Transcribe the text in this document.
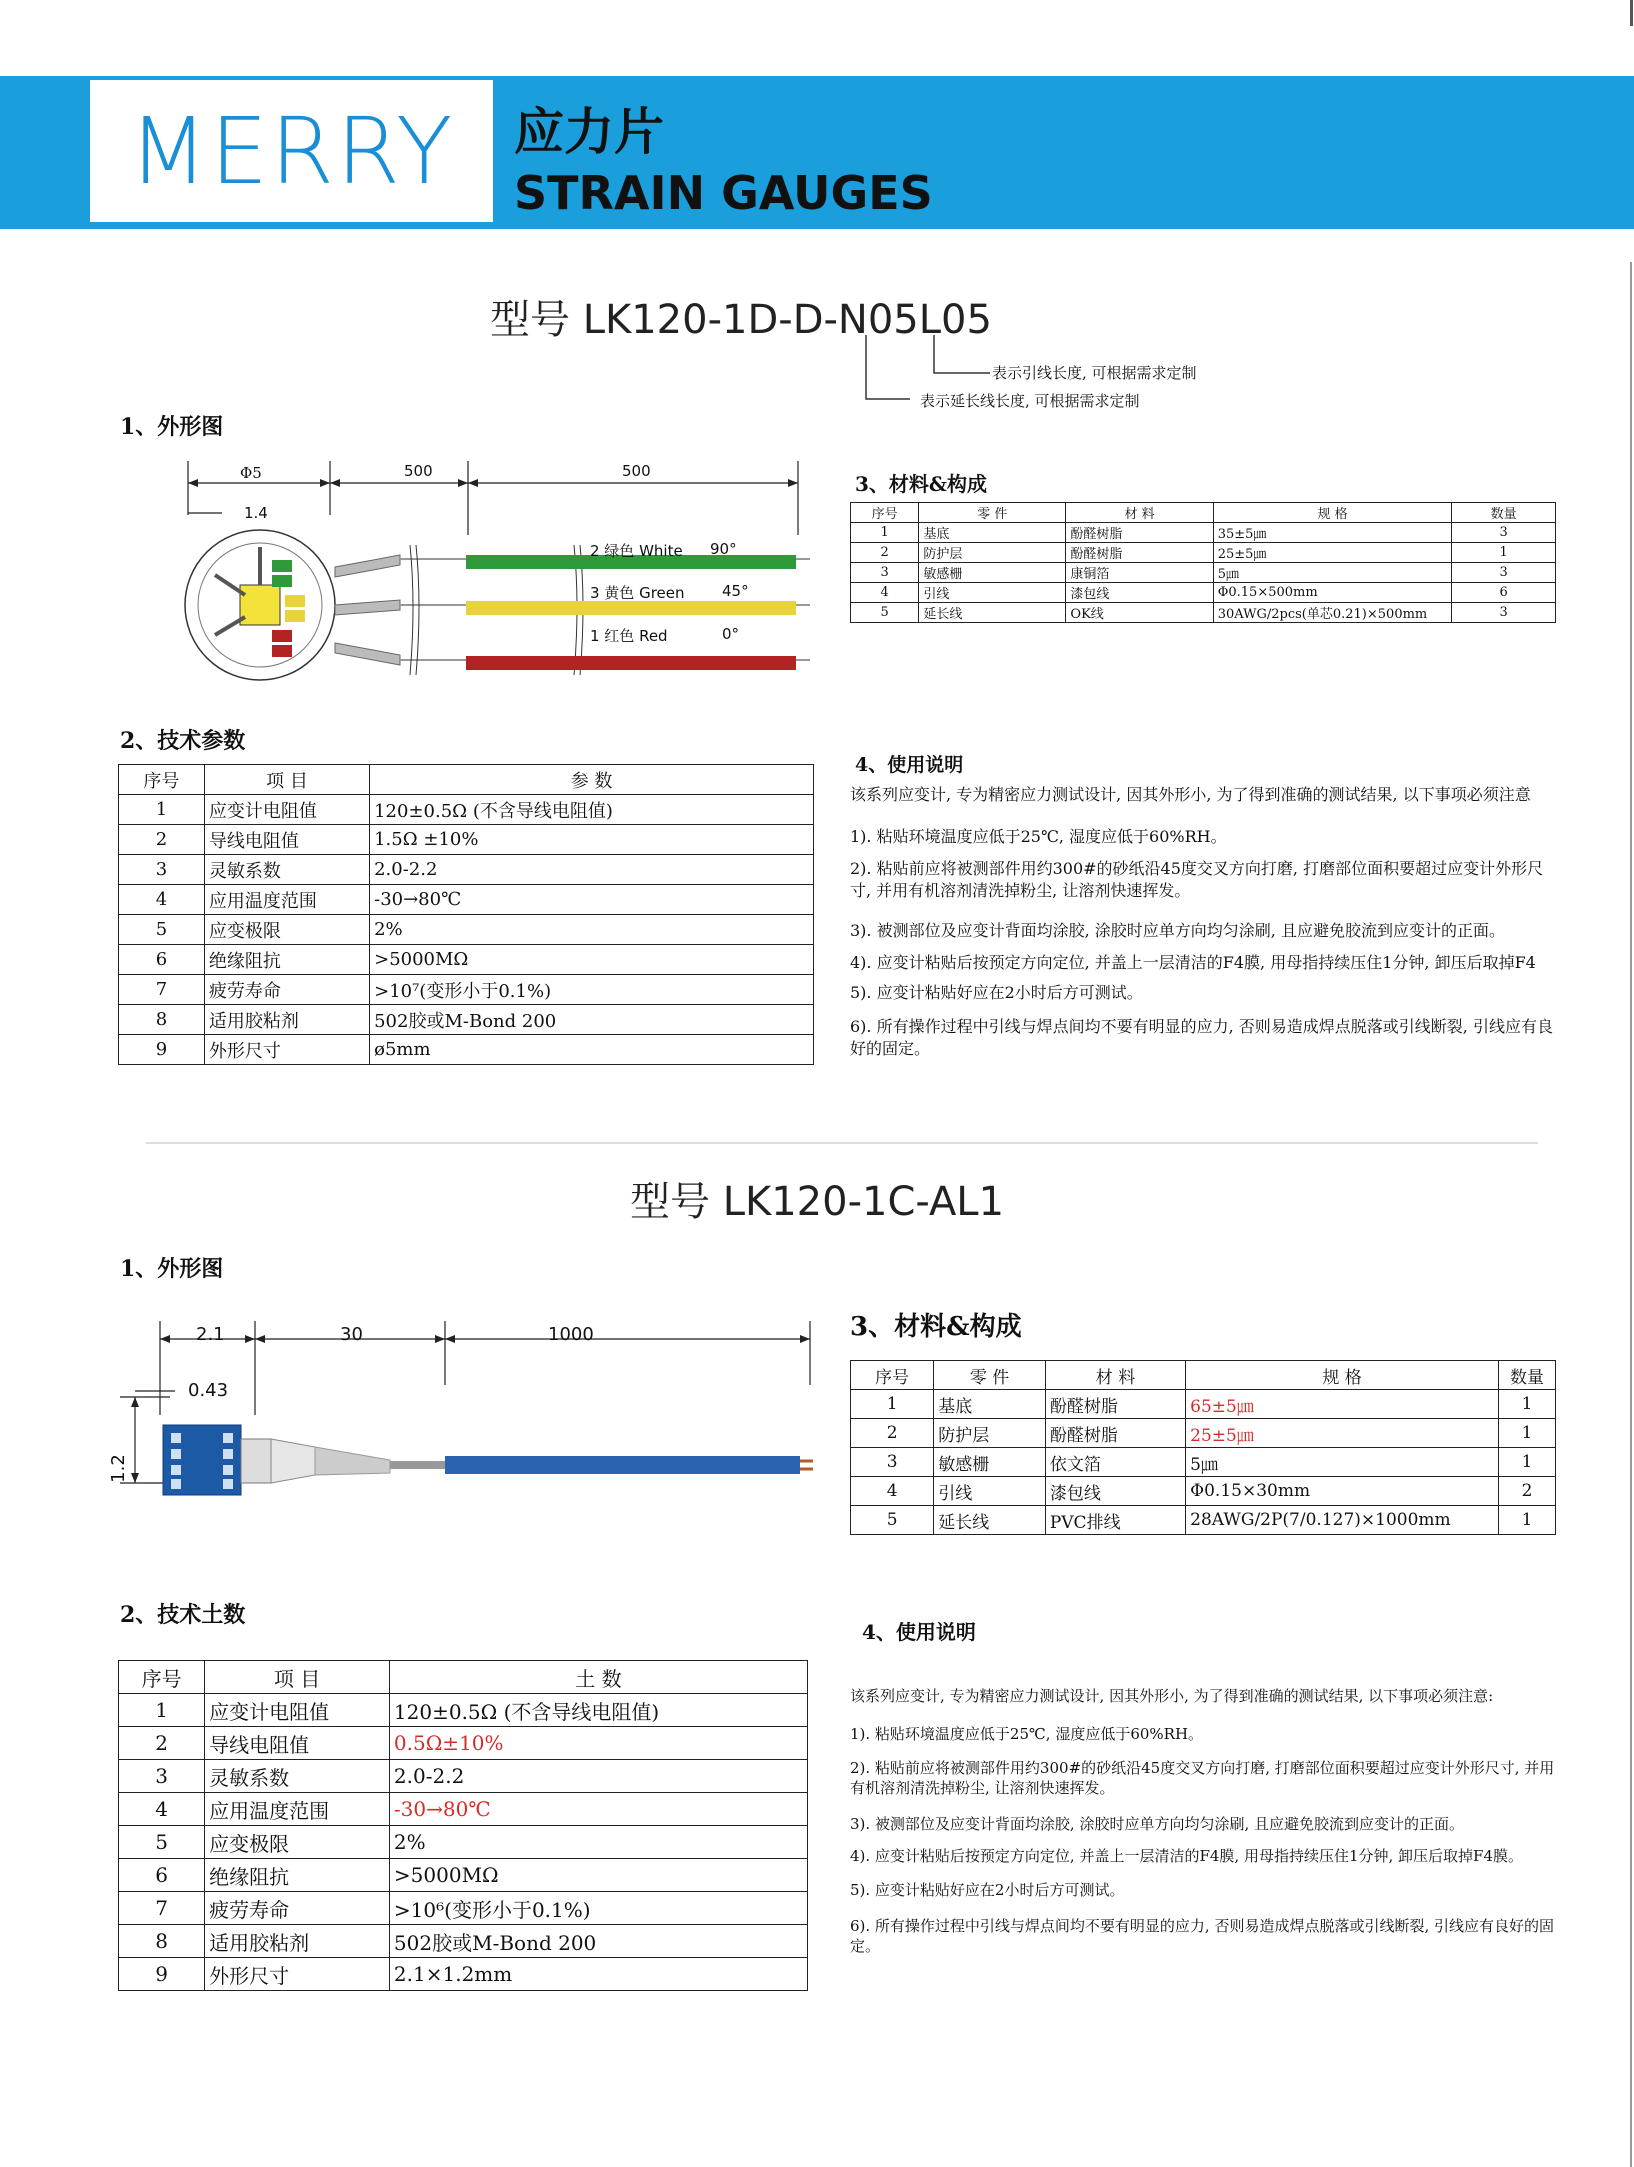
MERRY	应力片
STRAIN GAUGES
型号 LK120-1D-D-N05L05
表示引线长度, 可根据需求定制
表示延长线长度, 可根据需求定制
1、外形图
Φ5	500	500
1.4
2 绿色 White 90°
3 黄色 Green 45°
1 红色 Red	0°
3、材料&构成
序号	零 件	材 料	规 格	数量
1	基底	酚醛树脂	35±5㎛	3
2	防护层	酚醛树脂	25±5㎛	1
3	敏感栅	康铜箔	5㎛	3
4	引线	漆包线	Φ0.15×500mm	6
5	延长线	OK线	30AWG/2pcs(单芯0.21)×500mm	3
2、技术参数
序号	项 目	参 数
1	应变计电阻值	120±0.5Ω (不含导线电阻值)
2	导线电阻值	1.5Ω ±10%
3	灵敏系数	2.0-2.2
4	应用温度范围	-30→80℃
5	应变极限	2%
6	绝缘阻抗	>5000MΩ
7	疲劳寿命	>10⁷(变形小于0.1%)
8	适用胶粘剂	502胶或M-Bond 200
9	外形尺寸	ø5mm
4、使用说明
该系列应变计, 专为精密应力测试设计, 因其外形小, 为了得到准确的测试结果, 以下事项必须注意
1). 粘贴环境温度应低于25℃, 湿度应低于60%RH。
2). 粘贴前应将被测部件用约300#的砂纸沿45度交叉方向打磨, 打磨部位面积要超过应变计外形尺寸, 并用有机溶剂清洗掉粉尘, 让溶剂快速挥发。
3). 被测部位及应变计背面均涂胶, 涂胶时应单方向均匀涂刷, 且应避免胶流到应变计的正面。
4). 应变计粘贴后按预定方向定位, 并盖上一层清洁的F4膜, 用母指持续压住1分钟, 卸压后取掉F4
5). 应变计粘贴好应在2小时后方可测试。
6). 所有操作过程中引线与焊点间均不要有明显的应力, 否则易造成焊点脱落或引线断裂, 引线应有良好的固定。
型号 LK120-1C-AL1
1、外形图
2.1	30	1000
0.43
1.2
3、材料&构成
序号	零 件	材 料	规 格	数量
1	基底	酚醛树脂	65±5㎛	1
2	防护层	酚醛树脂	25±5㎛	1
3	敏感栅	依文箔	5㎛	1
4	引线	漆包线	Φ0.15×30mm	2
5	延长线	PVC排线	28AWG/2P(7/0.127)×1000mm	1
2、技术土数
序号	项 目	土 数
1	应变计电阻值	120±0.5Ω (不含导线电阻值)
2	导线电阻值	0.5Ω±10%
3	灵敏系数	2.0-2.2
4	应用温度范围	-30→80℃
5	应变极限	2%
6	绝缘阻抗	>5000MΩ
7	疲劳寿命	>10⁶(变形小于0.1%)
8	适用胶粘剂	502胶或M-Bond 200
9	外形尺寸	2.1×1.2mm
4、使用说明
该系列应变计, 专为精密应力测试设计, 因其外形小, 为了得到准确的测试结果, 以下事项必须注意:
1). 粘贴环境温度应低于25℃, 湿度应低于60%RH。
2). 粘贴前应将被测部件用约300#的砂纸沿45度交叉方向打磨, 打磨部位面积要超过应变计外形尺寸, 并用有机溶剂清洗掉粉尘, 让溶剂快速挥发。
3). 被测部位及应变计背面均涂胶, 涂胶时应单方向均匀涂刷, 且应避免胶流到应变计的正面。
4). 应变计粘贴后按预定方向定位, 并盖上一层清洁的F4膜, 用母指持续压住1分钟, 卸压后取掉F4膜。
5). 应变计粘贴好应在2小时后方可测试。
6). 所有操作过程中引线与焊点间均不要有明显的应力, 否则易造成焊点脱落或引线断裂, 引线应有良好的固定。
